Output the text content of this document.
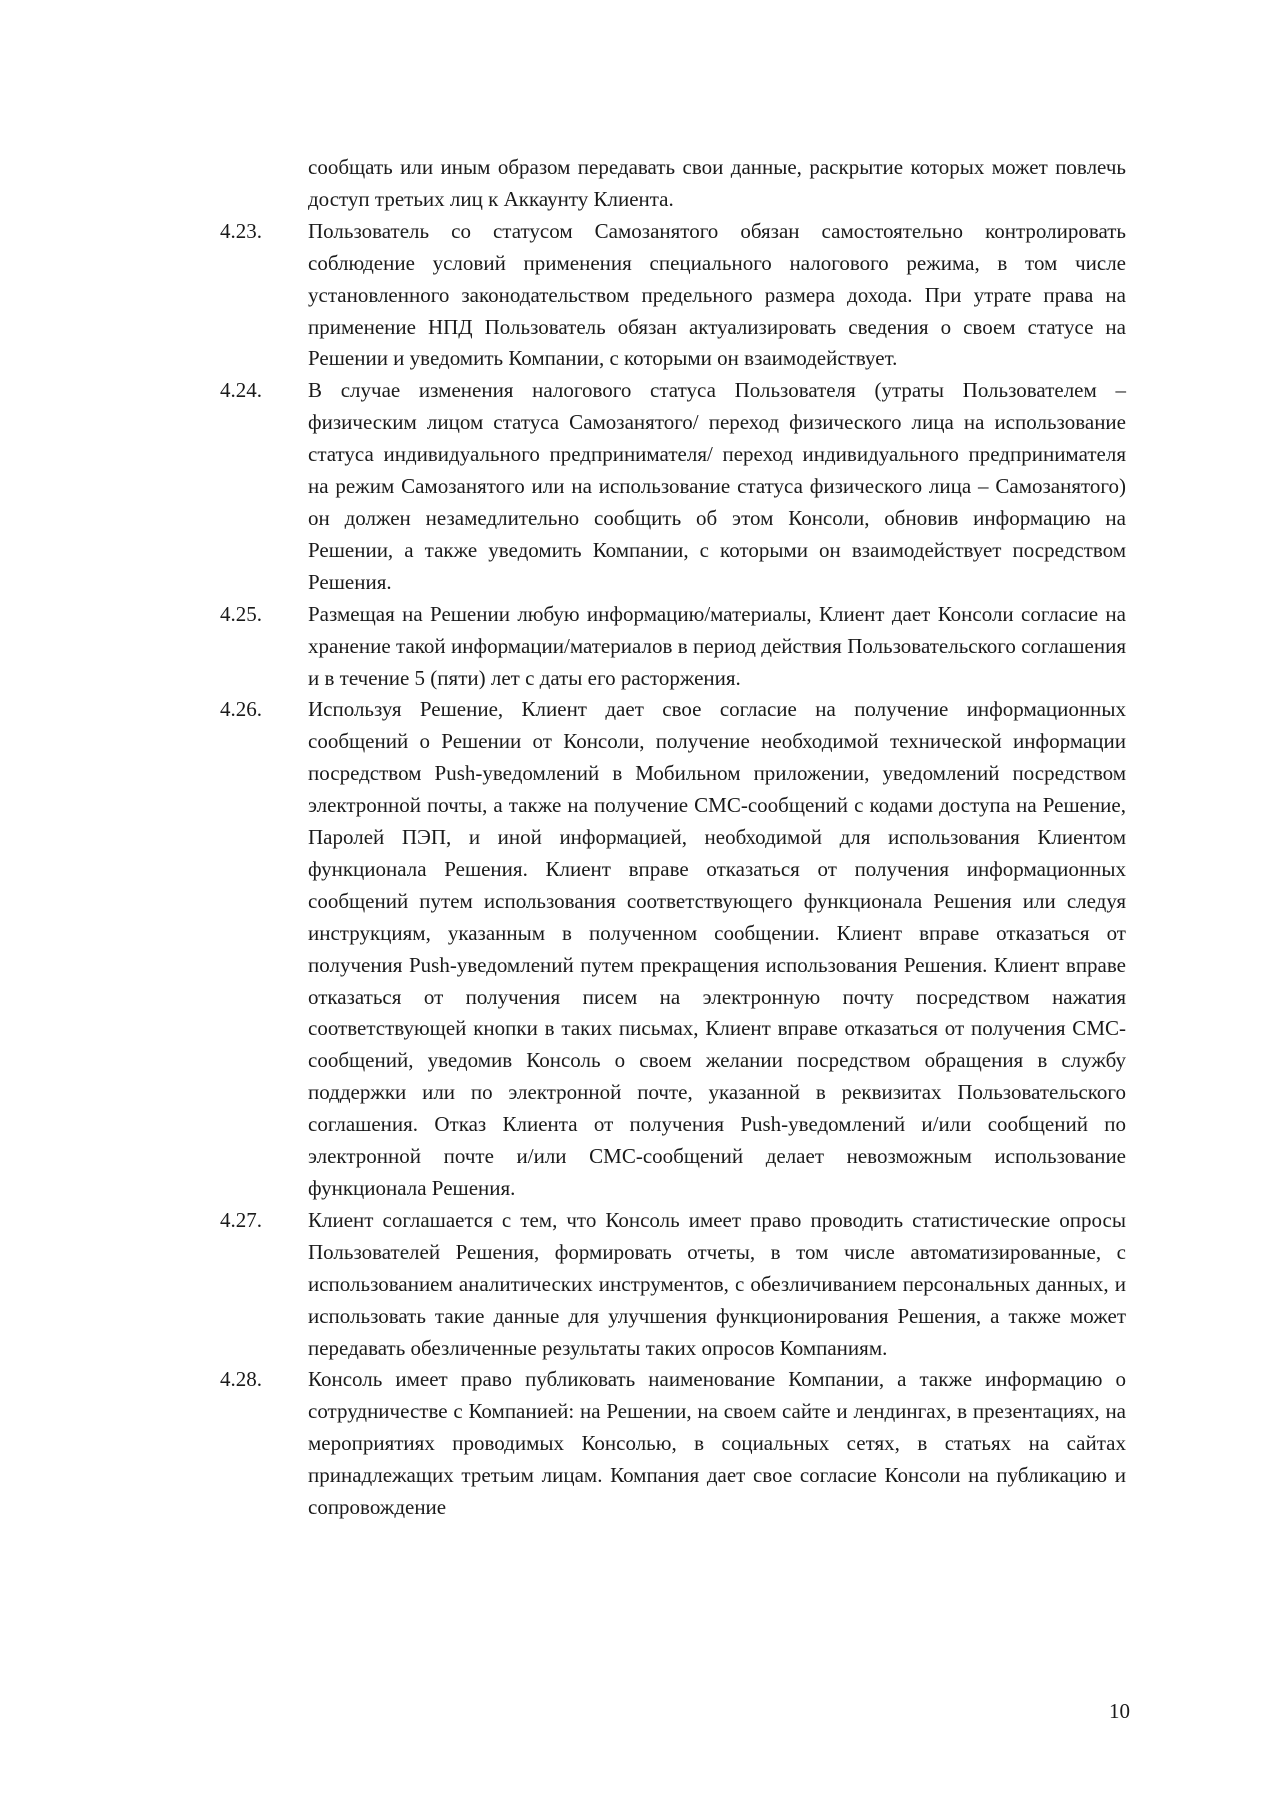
сообщать или иным образом передавать свои данные, раскрытие которых может повлечь доступ третьих лиц к Аккаунту Клиента.
4.23.	Пользователь со статусом Самозанятого обязан самостоятельно контролировать соблюдение условий применения специального налогового режима, в том числе установленного законодательством предельного размера дохода. При утрате права на применение НПД Пользователь обязан актуализировать сведения о своем статусе на Решении и уведомить Компании, с которыми он взаимодействует.
4.24.	В случае изменения налогового статуса Пользователя (утраты Пользователем – физическим лицом статуса Самозанятого/ переход физического лица на использование статуса индивидуального предпринимателя/ переход индивидуального предпринимателя на режим Самозанятого или на использование статуса физического лица – Самозанятого) он должен незамедлительно сообщить об этом Консоли, обновив информацию на Решении, а также уведомить Компании, с которыми он взаимодействует посредством Решения.
4.25.	Размещая на Решении любую информацию/материалы, Клиент дает Консоли согласие на хранение такой информации/материалов в период действия Пользовательского соглашения и в течение 5 (пяти) лет с даты его расторжения.
4.26.	Используя Решение, Клиент дает свое согласие на получение информационных сообщений о Решении от Консоли, получение необходимой технической информации посредством Push-уведомлений в Мобильном приложении, уведомлений посредством электронной почты, а также на получение СМС-сообщений с кодами доступа на Решение, Паролей ПЭП, и иной информацией, необходимой для использования Клиентом функционала Решения. Клиент вправе отказаться от получения информационных сообщений путем использования соответствующего функционала Решения или следуя инструкциям, указанным в полученном сообщении. Клиент вправе отказаться от получения Push-уведомлений путем прекращения использования Решения. Клиент вправе отказаться от получения писем на электронную почту посредством нажатия соответствующей кнопки в таких письмах, Клиент вправе отказаться от получения СМС-сообщений, уведомив Консоль о своем желании посредством обращения в службу поддержки или по электронной почте, указанной в реквизитах Пользовательского соглашения. Отказ Клиента от получения Push-уведомлений и/или сообщений по электронной почте и/или СМС-сообщений делает невозможным использование функционала Решения.
4.27.	Клиент соглашается с тем, что Консоль имеет право проводить статистические опросы Пользователей Решения, формировать отчеты, в том числе автоматизированные, с использованием аналитических инструментов, с обезличиванием персональных данных, и использовать такие данные для улучшения функционирования Решения, а также может передавать обезличенные результаты таких опросов Компаниям.
4.28.	Консоль имеет право публиковать наименование Компании, а также информацию о сотрудничестве с Компанией: на Решении, на своем сайте и лендингах, в презентациях, на мероприятиях проводимых Консолью, в социальных сетях, в статьях на сайтах принадлежащих третьим лицам. Компания дает свое согласие Консоли на публикацию и сопровождение
10
